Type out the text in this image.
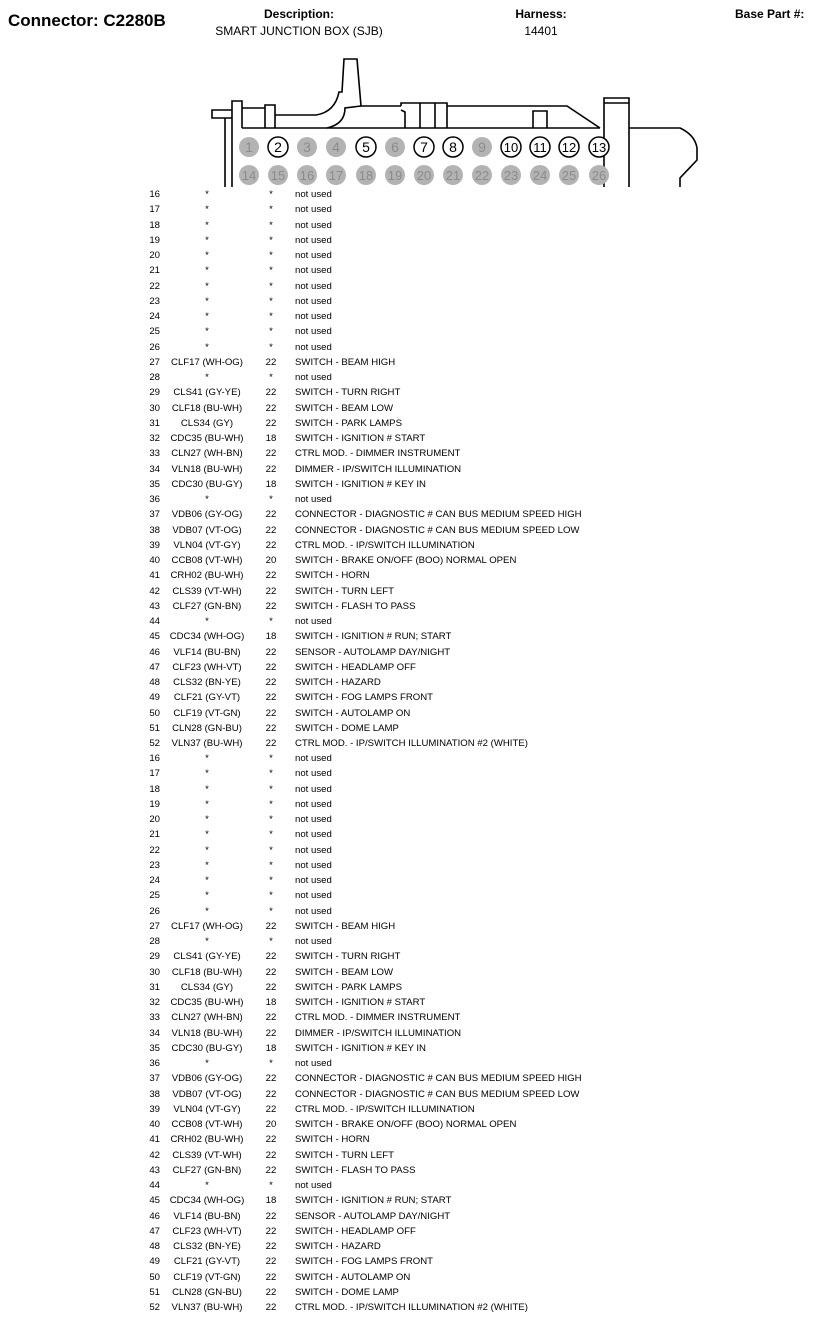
Connector: C2280B	Description:
SMART JUNCTION BOX (SJB)
Harness:
14401
Base Part #:
1 2 3 4 5 6 7 8 9 10 11 12 13
14 15 16 17 18 19 20 21 22 23 24 25 26
16	*	*	not used
17	*	*	not used
18	*	*	not used
19	*	*	not used
20	*	*	not used
21	*	*	not used
22	*	*	not used
23	*	*	not used
24	*	*	not used
25	*	*	not used
26	*	*	not used
27	CLF17 (WH-OG)	22	SWITCH - BEAM HIGH
28	*	*	not used
29	CLS41 (GY-YE)	22	SWITCH - TURN RIGHT
30	CLF18 (BU-WH)	22	SWITCH - BEAM LOW
31	CLS34 (GY)	22	SWITCH - PARK LAMPS
32	CDC35 (BU-WH)	18	SWITCH - IGNITION # START
33	CLN27 (WH-BN)	22	CTRL MOD. - DIMMER INSTRUMENT
34	VLN18 (BU-WH)	22	DIMMER - IP/SWITCH ILLUMINATION
35	CDC30 (BU-GY)	18	SWITCH - IGNITION # KEY IN
36	*	*	not used
37	VDB06 (GY-OG)	22	CONNECTOR - DIAGNOSTIC # CAN BUS MEDIUM SPEED HIGH
38	VDB07 (VT-OG)	22	CONNECTOR - DIAGNOSTIC # CAN BUS MEDIUM SPEED LOW
39	VLN04 (VT-GY)	22	CTRL MOD. - IP/SWITCH ILLUMINATION
40	CCB08 (VT-WH)	20	SWITCH - BRAKE ON/OFF (BOO) NORMAL OPEN
41	CRH02 (BU-WH)	22	SWITCH - HORN
42	CLS39 (VT-WH)	22	SWITCH - TURN LEFT
43	CLF27 (GN-BN)	22	SWITCH - FLASH TO PASS
44	*	*	not used
45	CDC34 (WH-OG)	18	SWITCH - IGNITION # RUN; START
46	VLF14 (BU-BN)	22	SENSOR - AUTOLAMP DAY/NIGHT
47	CLF23 (WH-VT)	22	SWITCH - HEADLAMP OFF
48	CLS32 (BN-YE)	22	SWITCH - HAZARD
49	CLF21 (GY-VT)	22	SWITCH - FOG LAMPS FRONT
50	CLF19 (VT-GN)	22	SWITCH - AUTOLAMP ON
51	CLN28 (GN-BU)	22	SWITCH - DOME LAMP
52	VLN37 (BU-WH)	22	CTRL MOD. - IP/SWITCH ILLUMINATION #2 (WHITE)
16	*	*	not used
17	*	*	not used
18	*	*	not used
19	*	*	not used
20	*	*	not used
21	*	*	not used
22	*	*	not used
23	*	*	not used
24	*	*	not used
25	*	*	not used
26	*	*	not used
27	CLF17 (WH-OG)	22	SWITCH - BEAM HIGH
28	*	*	not used
29	CLS41 (GY-YE)	22	SWITCH - TURN RIGHT
30	CLF18 (BU-WH)	22	SWITCH - BEAM LOW
31	CLS34 (GY)	22	SWITCH - PARK LAMPS
32	CDC35 (BU-WH)	18	SWITCH - IGNITION # START
33	CLN27 (WH-BN)	22	CTRL MOD. - DIMMER INSTRUMENT
34	VLN18 (BU-WH)	22	DIMMER - IP/SWITCH ILLUMINATION
35	CDC30 (BU-GY)	18	SWITCH - IGNITION # KEY IN
36	*	*	not used
37	VDB06 (GY-OG)	22	CONNECTOR - DIAGNOSTIC # CAN BUS MEDIUM SPEED HIGH
38	VDB07 (VT-OG)	22	CONNECTOR - DIAGNOSTIC # CAN BUS MEDIUM SPEED LOW
39	VLN04 (VT-GY)	22	CTRL MOD. - IP/SWITCH ILLUMINATION
40	CCB08 (VT-WH)	20	SWITCH - BRAKE ON/OFF (BOO) NORMAL OPEN
41	CRH02 (BU-WH)	22	SWITCH - HORN
42	CLS39 (VT-WH)	22	SWITCH - TURN LEFT
43	CLF27 (GN-BN)	22	SWITCH - FLASH TO PASS
44	*	*	not used
45	CDC34 (WH-OG)	18	SWITCH - IGNITION # RUN; START
46	VLF14 (BU-BN)	22	SENSOR - AUTOLAMP DAY/NIGHT
47	CLF23 (WH-VT)	22	SWITCH - HEADLAMP OFF
48	CLS32 (BN-YE)	22	SWITCH - HAZARD
49	CLF21 (GY-VT)	22	SWITCH - FOG LAMPS FRONT
50	CLF19 (VT-GN)	22	SWITCH - AUTOLAMP ON
51	CLN28 (GN-BU)	22	SWITCH - DOME LAMP
52	VLN37 (BU-WH)	22	CTRL MOD. - IP/SWITCH ILLUMINATION #2 (WHITE)
